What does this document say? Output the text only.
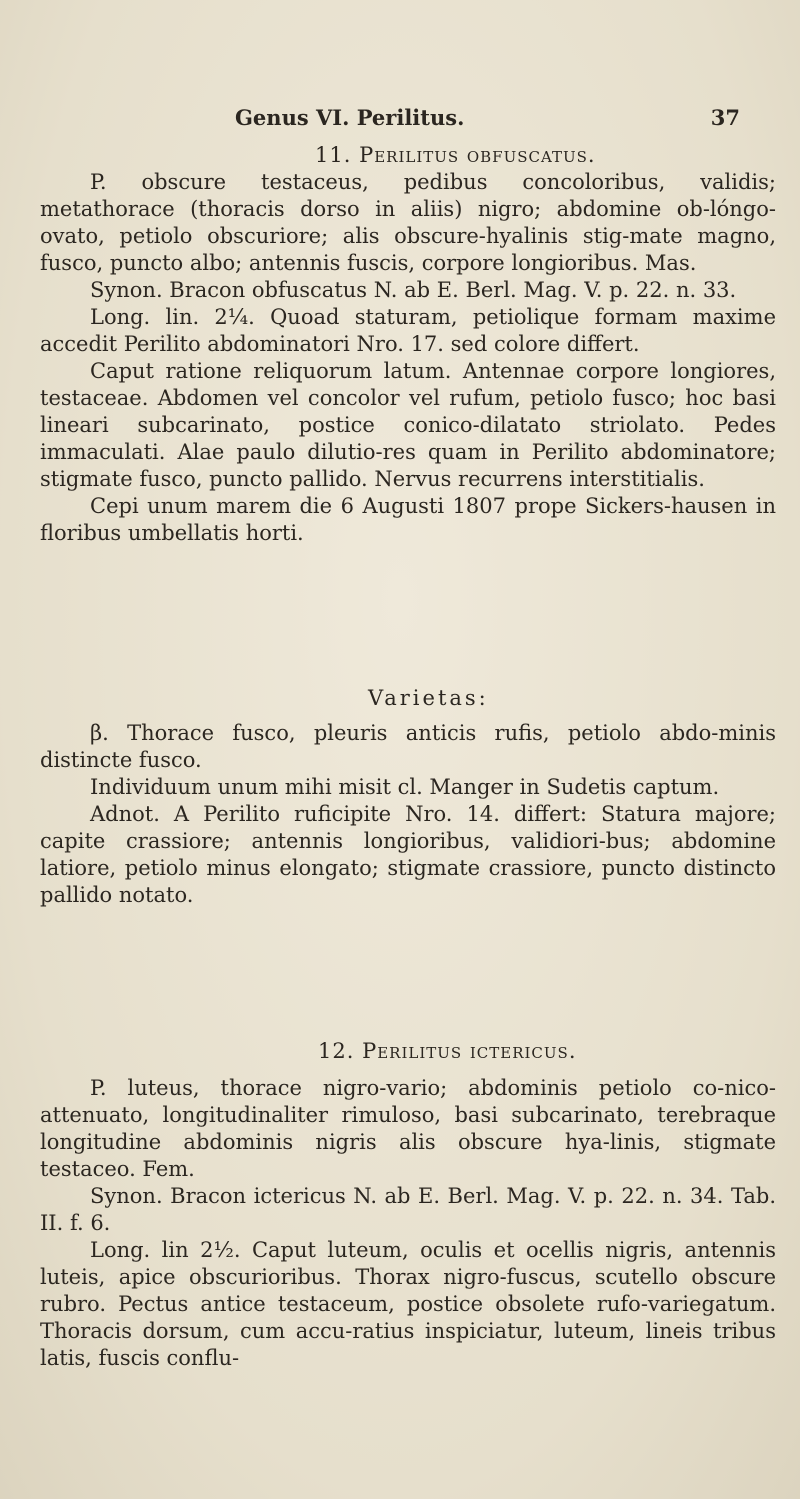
Genus VI. Perilitus.	37

11. Perilitus obfuscatus.

P. obscure testaceus, pedibus concoloribus, validis; metathorace (thoracis dorso in aliis) nigro; abdomine ob-lóngo-ovato, petiolo obscuriore; alis obscure-hyalinis stig-mate magno, fusco, puncto albo; antennis fuscis, corpore longioribus. Mas.

Synon. Bracon obfuscatus N. ab E. Berl. Mag. V. p. 22. n. 33.

Long. lin. 2¼. Quoad staturam, petiolique formam maxime accedit Perilito abdominatori Nro. 17. sed colore differt.

Caput ratione reliquorum latum. Antennae corpore longiores, testaceae. Abdomen vel concolor vel rufum, petiolo fusco; hoc basi lineari subcarinato, postice conico-dilatato striolato. Pedes immaculati. Alae paulo dilutio-res quam in Perilito abdominatore; stigmate fusco, puncto pallido. Nervus recurrens interstitialis.

Cepi unum marem die 6 Augusti 1807 prope Sickers-hausen in floribus umbellatis horti.

Varietas:

β. Thorace fusco, pleuris anticis rufis, petiolo abdo-minis distincte fusco.

Individuum unum mihi misit cl. Manger in Sudetis captum.

Adnot. A Perilito ruficipite Nro. 14. differt: Statura majore; capite crassiore; antennis longioribus, validiori-bus; abdomine latiore, petiolo minus elongato; stigmate crassiore, puncto distincto pallido notato.

12. Perilitus ictericus.

P. luteus, thorace nigro-vario; abdominis petiolo co-nico-attenuato, longitudinaliter rimuloso, basi subcarinato, terebraque longitudine abdominis nigris alis obscure hya-linis, stigmate testaceo. Fem.

Synon. Bracon ictericus N. ab E. Berl. Mag. V. p. 22. n. 34. Tab. II. f. 6.

Long. lin 2½. Caput luteum, oculis et ocellis nigris, antennis luteis, apice obscurioribus. Thorax nigro-fuscus, scutello obscure rubro. Pectus antice testaceum, postice obsolete rufo-variegatum. Thoracis dorsum, cum accu-ratius inspiciatur, luteum, lineis tribus latis, fuscis conflu-
